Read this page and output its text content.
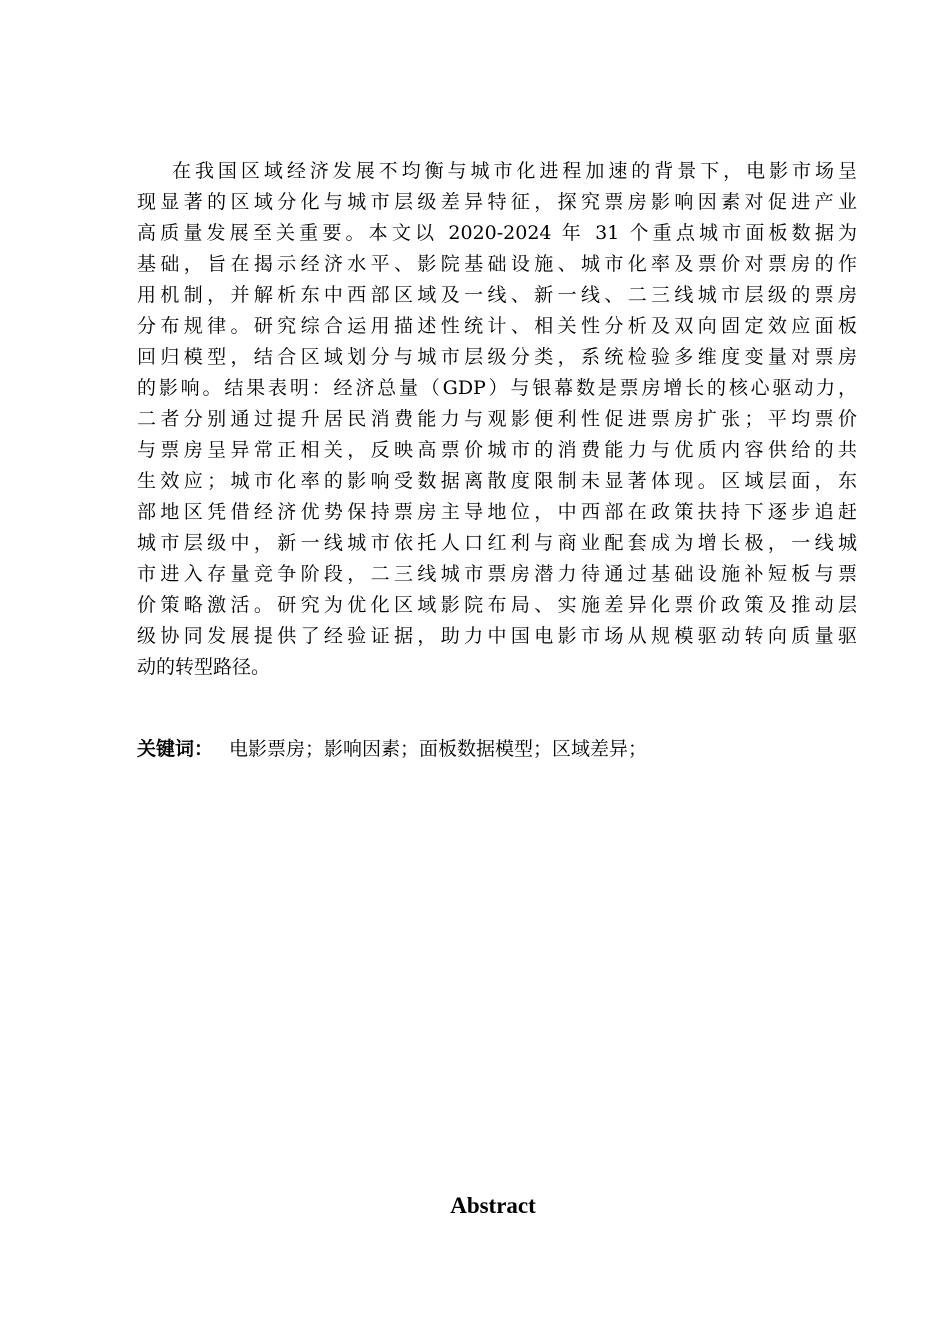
在我国区域经济发展不均衡与城市化进程加速的背景下，电影市场呈
现显著的区域分化与城市层级差异特征，探究票房影响因素对促进产业
高质量发展至关重要。本文以 2020-2024 年 31 个重点城市面板数据为
基础，旨在揭示经济水平、影院基础设施、城市化率及票价对票房的作
用机制，并解析东中西部区域及一线、新一线、二三线城市层级的票房
分布规律。研究综合运用描述性统计、相关性分析及双向固定效应面板
回归模型，结合区域划分与城市层级分类，系统检验多维度变量对票房
的影响。结果表明：经济总量（GDP）与银幕数是票房增长的核心驱动力，
二者分别通过提升居民消费能力与观影便利性促进票房扩张；平均票价
与票房呈异常正相关，反映高票价城市的消费能力与优质内容供给的共
生效应；城市化率的影响受数据离散度限制未显著体现。区域层面，东
部地区凭借经济优势保持票房主导地位，中西部在政策扶持下逐步追赶
城市层级中，新一线城市依托人口红利与商业配套成为增长极，一线城
市进入存量竞争阶段，二三线城市票房潜力待通过基础设施补短板与票
价策略激活。研究为优化区域影院布局、实施差异化票价政策及推动层
级协同发展提供了经验证据，助力中国电影市场从规模驱动转向质量驱
动的转型路径。
关键词： 电影票房；影响因素；面板数据模型；区域差异；
Abstract
